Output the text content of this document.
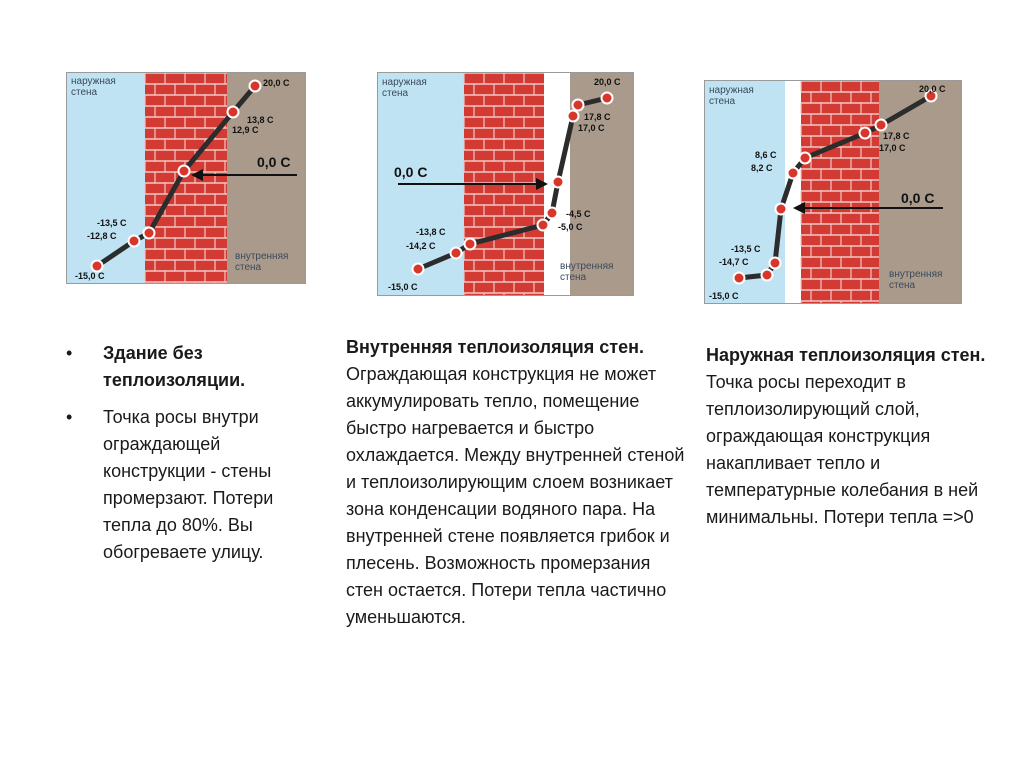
наружная стена
внутренняя стена
0,0 С
-15,0 С
-13,5 С
-12,8 С
12,9 С
13,8 С
20,0 С	наружная стена
внутренняя стена
0,0 С
-15,0 С
-13,8 С
-14,2 С
-4,5 С
-5,0 С
17,8 С
17,0 С
20,0 С
наружная стена
внутренняя стена
0,0 С
-15,0 С
-13,5 С
-14,7 С
8,6 С
8,2 С
17,8 С
17,0 С
20,0 С
• Здание без теплоизоляции.
• Точка росы внутри ограждающей конструкции - стены промерзают. Потери тепла до 80%. Вы обогреваете улицу.
Внутренняя теплоизоляция стен.
Ограждающая конструкция не может аккумулировать тепло, помещение быстро нагревается и быстро охлаждается. Между внутренней стеной и теплоизолирующим слоем возникает зона конденсации водяного пара. На внутренней стене появляется грибок и плесень. Возможность промерзания стен остается. Потери тепла частично уменьшаются.
Наружная теплоизоляция стен.
Точка росы переходит в теплоизолирующий слой, ограждающая конструкция накапливает тепло и температурные колебания в ней минимальны. Потери тепла =>0
